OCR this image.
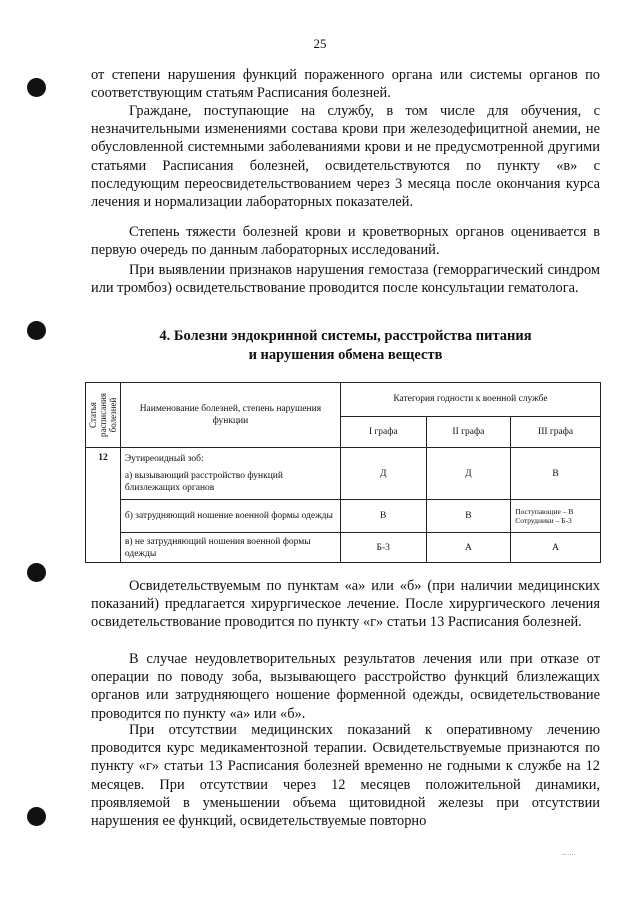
25

от степени нарушения функций пораженного органа или системы органов по соответствующим статьям Расписания болезней.

Граждане, поступающие на службу, в том числе для обучения, с незначительными изменениями состава крови при железодефицитной анемии, не обусловленной системными заболеваниями крови и не предусмотренной другими статьями Расписания болезней, освидетельствуются по пункту «в» с последующим переосвидетельствованием через 3 месяца после окончания курса лечения и нормализации лабораторных показателей.

Степень тяжести болезней крови и кроветворных органов оценивается в первую очередь по данным лабораторных исследований.

При выявлении признаков нарушения гемостаза (геморрагический синдром или тромбоз) освидетельствование проводится после консультации гематолога.

4. Болезни эндокринной системы, расстройства питания
и нарушения обмена веществ
Статья
расписания
болезней	Наименование болезней, степень нарушения функции	Категория годности к военной службе		
		I графа	II графа	III графа
12	Эутиреоидный зоб:
а) вызывающий расстройство функций близлежащих органов	Д	Д	В
	б) затрудняющий ношение военной формы одежды	В	В	Поступающие – В
Сотрудники – Б-3

	в) не затрудняющий ношения военной формы одежды	Б-3	А	А

Освидетельствуемым по пунктам «а» или «б» (при наличии медицинских показаний) предлагается хирургическое лечение. После хирургического лечения освидетельствование проводится по пункту «г» статьи 13 Расписания болезней.

В случае неудовлетворительных результатов лечения или при отказе от операции по поводу зоба, вызывающего расстройство функций близлежащих органов или затрудняющего ношение форменной одежды, освидетельствование проводится по пункту «а» или «б».

При отсутствии медицинских показаний к оперативному лечению проводится курс медикаментозной терапии. Освидетельствуемые признаются по пункту «г» статьи 13 Расписания болезней временно не годными к службе на 12 месяцев. При отсутствии через 12 месяцев положительной динамики, проявляемой в уменьшении объема щитовидной железы при отсутствии нарушения ее функций, освидетельствуемые повторно
